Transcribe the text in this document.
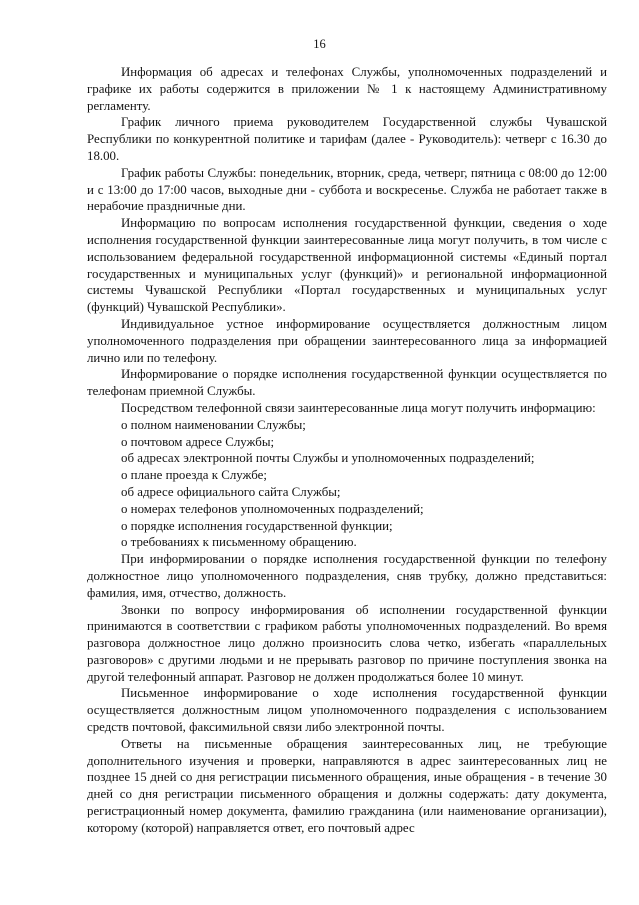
16

Информация об адресах и телефонах Службы, уполномоченных подразделений и графике их работы содержится в приложении № 1 к настоящему Административному регламенту.

График личного приема руководителем Государственной службы Чувашской Республики по конкурентной политике и тарифам (далее - Руководитель): четверг с 16.30 до 18.00.

График работы Службы: понедельник, вторник, среда, четверг, пятница с 08:00 до 12:00 и с 13:00 до 17:00 часов, выходные дни - суббота и воскресенье. Служба не работает также в нерабочие праздничные дни.

Информацию по вопросам исполнения государственной функции, сведения о ходе исполнения государственной функции заинтересованные лица могут получить, в том числе с использованием федеральной государственной информационной системы «Единый портал государственных и муниципальных услуг (функций)» и региональной информационной системы Чувашской Республики «Портал государственных и муниципальных услуг (функций) Чувашской Республики».

Индивидуальное устное информирование осуществляется должностным лицом уполномоченного подразделения при обращении заинтересованного лица за информацией лично или по телефону.

Информирование о порядке исполнения государственной функции осуществляется по телефонам приемной Службы.

Посредством телефонной связи заинтересованные лица могут получить информацию:

о полном наименовании Службы;

о почтовом адресе Службы;

об адресах электронной почты Службы и уполномоченных подразделений;

о плане проезда к Службе;

об адресе официального сайта Службы;

о номерах телефонов уполномоченных подразделений;

о порядке исполнения государственной функции;

о требованиях к письменному обращению.

При информировании о порядке исполнения государственной функции по телефону должностное лицо уполномоченного подразделения, сняв трубку, должно представиться: фамилия, имя, отчество, должность.

Звонки по вопросу информирования об исполнении государственной функции принимаются в соответствии с графиком работы уполномоченных подразделений. Во время разговора должностное лицо должно произносить слова четко, избегать «параллельных разговоров» с другими людьми и не прерывать разговор по причине поступления звонка на другой телефонный аппарат. Разговор не должен продолжаться более 10 минут.

Письменное информирование о ходе исполнения государственной функции осуществляется должностным лицом уполномоченного подразделения с использованием средств почтовой, факсимильной связи либо электронной почты.

Ответы на письменные обращения заинтересованных лиц, не требующие дополнительного изучения и проверки, направляются в адрес заинтересованных лиц не позднее 15 дней со дня регистрации письменного обращения, иные обращения - в течение 30 дней со дня регистрации письменного обращения и должны содержать: дату документа, регистрационный номер документа, фамилию гражданина (или наименование организации), которому (которой) направляется ответ, его почтовый адрес
